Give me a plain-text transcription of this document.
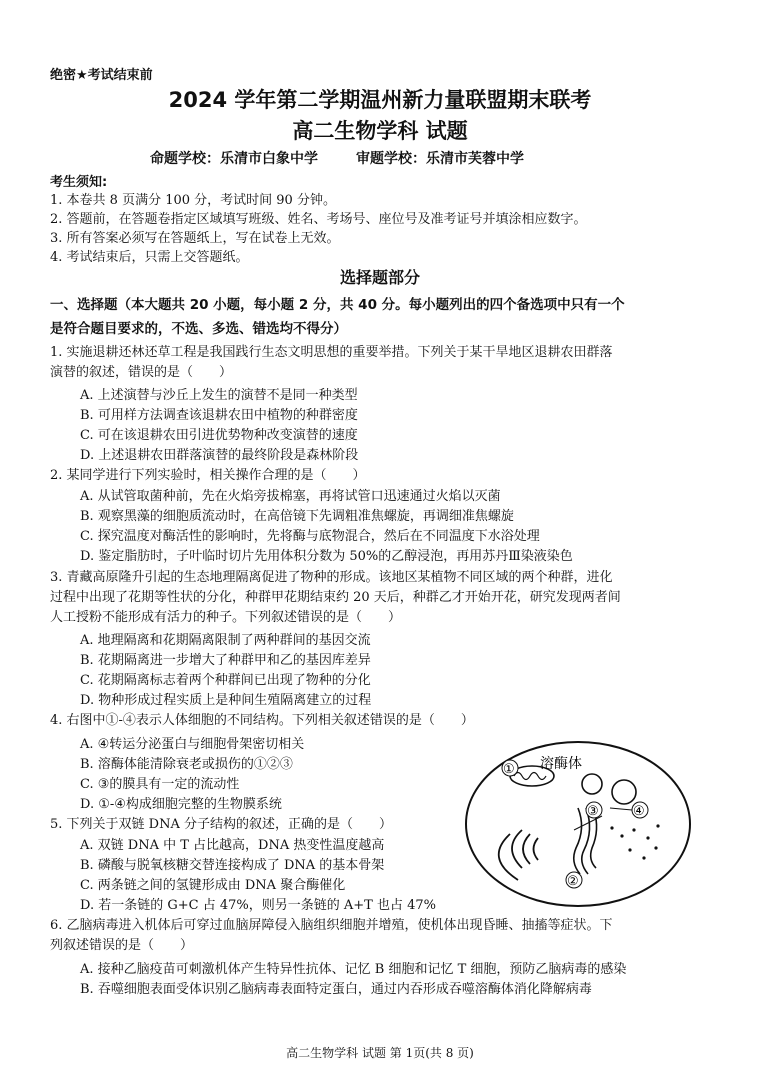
绝密★考试结束前
2024 学年第二学期温州新力量联盟期末联考
高二生物学科 试题
命题学校：乐清市白象中学	审题学校：乐清市芙蓉中学
考生须知:
1. 本卷共 8 页满分 100 分，考试时间 90 分钟。
2. 答题前，在答题卷指定区域填写班级、姓名、考场号、座位号及准考证号并填涂相应数字。
3. 所有答案必须写在答题纸上，写在试卷上无效。
4. 考试结束后，只需上交答题纸。
选择题部分
一、选择题（本大题共 20 小题，每小题 2 分，共 40 分。每小题列出的四个备选项中只有一个
是符合题目要求的，不选、多选、错选均不得分）
1. 实施退耕还林还草工程是我国践行生态文明思想的重要举措。下列关于某干旱地区退耕农田群落
演替的叙述，错误的是（　　）
A. 上述演替与沙丘上发生的演替不是同一种类型
B. 可用样方法调查该退耕农田中植物的种群密度
C. 可在该退耕农田引进优势物种改变演替的速度
D. 上述退耕农田群落演替的最终阶段是森林阶段
2. 某同学进行下列实验时，相关操作合理的是（　　）
A. 从试管取菌种前，先在火焰旁拔棉塞，再将试管口迅速通过火焰以灭菌
B. 观察黑藻的细胞质流动时，在高倍镜下先调粗准焦螺旋，再调细准焦螺旋
C. 探究温度对酶活性的影响时，先将酶与底物混合，然后在不同温度下水浴处理
D. 鉴定脂肪时，子叶临时切片先用体积分数为 50%的乙醇浸泡，再用苏丹Ⅲ染液染色
3. 青藏高原隆升引起的生态地理隔离促进了物种的形成。该地区某植物不同区域的两个种群，进化
过程中出现了花期等性状的分化，种群甲花期结束约 20 天后，种群乙才开始开花，研究发现两者间
人工授粉不能形成有活力的种子。下列叙述错误的是（　　）
A. 地理隔离和花期隔离限制了两种群间的基因交流
B. 花期隔离进一步增大了种群甲和乙的基因库差异
C. 花期隔离标志着两个种群间已出现了物种的分化
D. 物种形成过程实质上是种间生殖隔离建立的过程
4. 右图中①-④表示人体细胞的不同结构。下列相关叙述错误的是（　　）
A. ④转运分泌蛋白与细胞骨架密切相关
B. 溶酶体能清除衰老或损伤的①②③
C. ③的膜具有一定的流动性
D. ①-④构成细胞完整的生物膜系统
5. 下列关于双链 DNA 分子结构的叙述，正确的是（　　）
A. 双链 DNA 中 T 占比越高，DNA 热变性温度越高
B. 磷酸与脱氧核糖交替连接构成了 DNA 的基本骨架
C. 两条链之间的氢键形成由 DNA 聚合酶催化
D. 若一条链的 G+C 占 47%，则另一条链的 A+T 也占 47%
6. 乙脑病毒进入机体后可穿过血脑屏障侵入脑组织细胞并增殖，使机体出现昏睡、抽搐等症状。下
列叙述错误的是（　　）
A. 接种乙脑疫苗可刺激机体产生特异性抗体、记忆 B 细胞和记忆 T 细胞，预防乙脑病毒的感染
B. 吞噬细胞表面受体识别乙脑病毒表面特定蛋白，通过内吞形成吞噬溶酶体消化降解病毒
① 溶酶体
③	④
②
高二生物学科 试题 第 1页(共 8 页)
